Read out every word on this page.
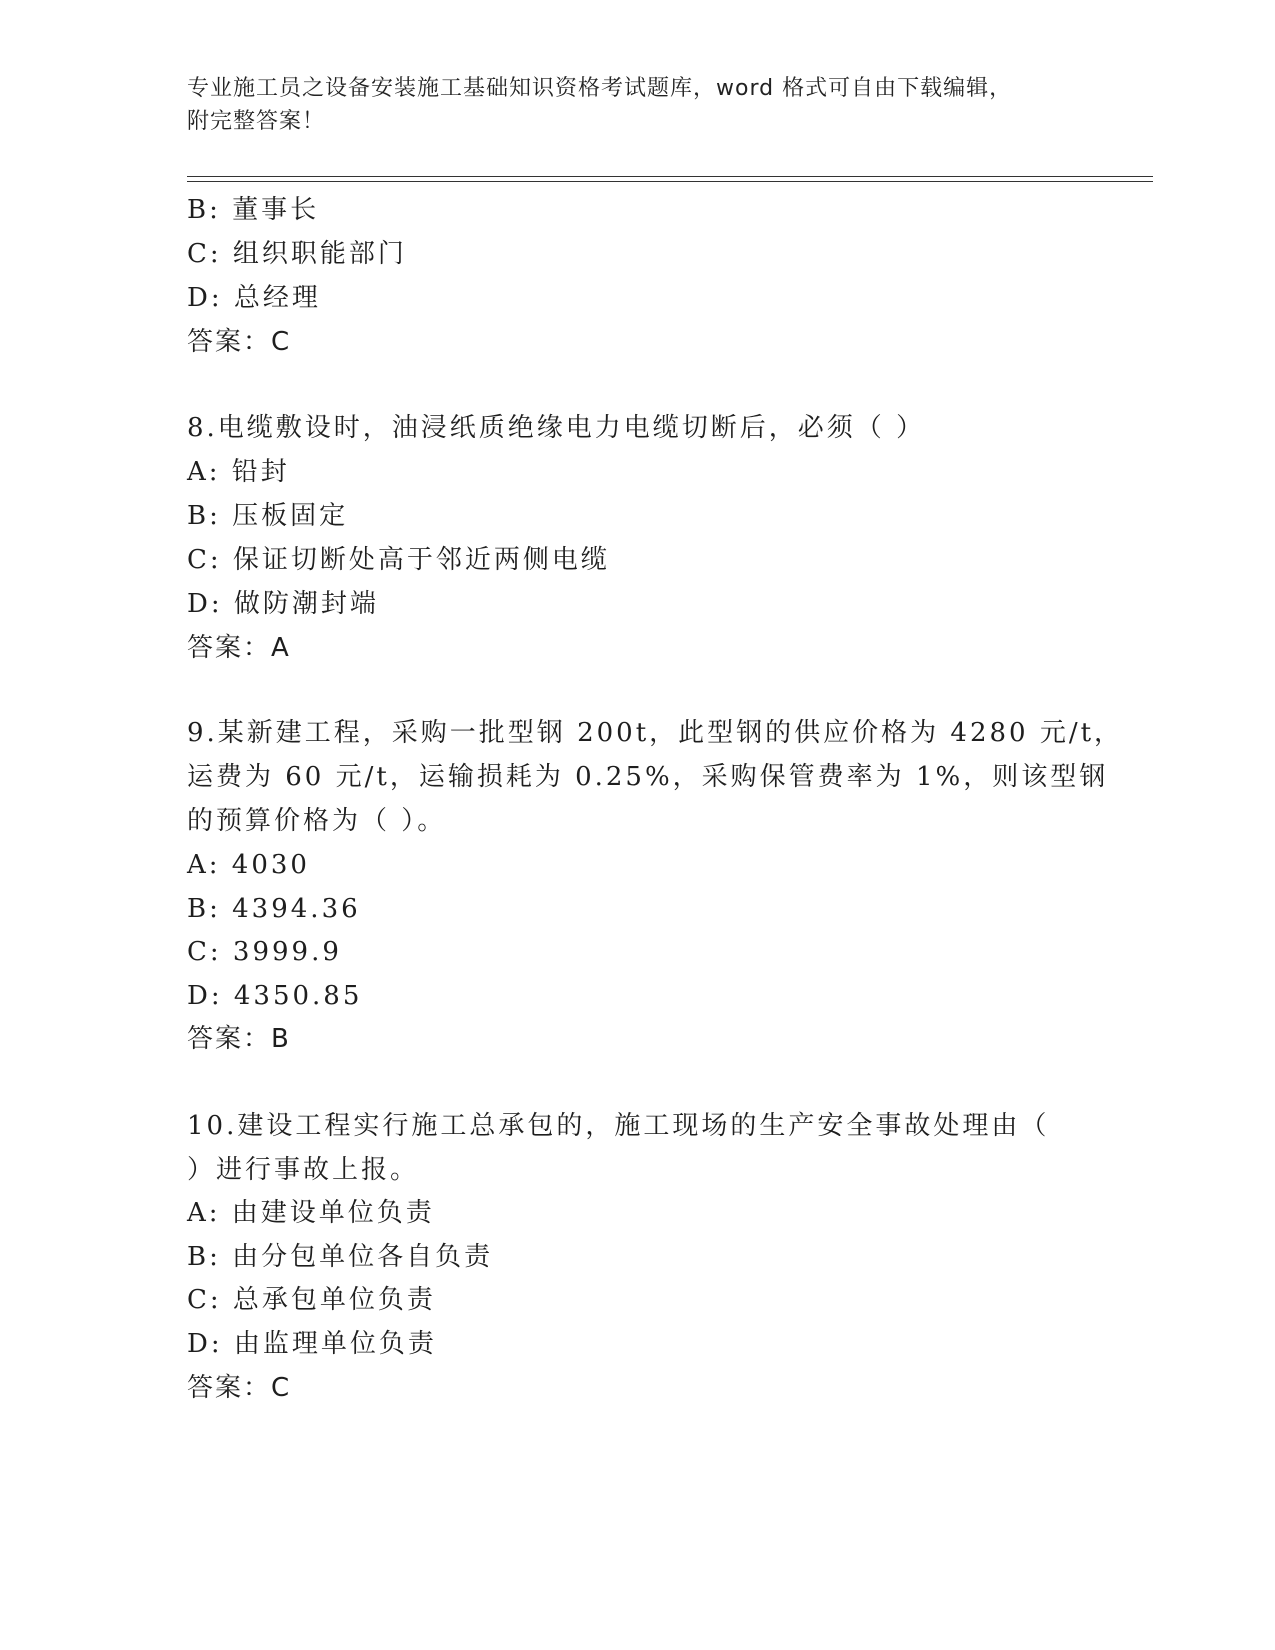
专业施工员之设备安装施工基础知识资格考试题库，word 格式可自由下载编辑，
附完整答案！
B: 董事长
C: 组织职能部门
D: 总经理
答案：C
8.电缆敷设时，油浸纸质绝缘电力电缆切断后，必须（ ）
A: 铅封
B: 压板固定
C: 保证切断处高于邻近两侧电缆
D: 做防潮封端
答案：A
9.某新建工程，采购一批型钢 200t，此型钢的供应价格为 4280 元/t，
运费为 60 元/t，运输损耗为 0.25%，采购保管费率为 1%，则该型钢
的预算价格为（ ）。
A: 4030
B: 4394.36
C: 3999.9
D: 4350.85
答案：B
10.建设工程实行施工总承包的，施工现场的生产安全事故处理由（
）进行事故上报。
A: 由建设单位负责
B: 由分包单位各自负责
C: 总承包单位负责
D: 由监理单位负责
答案：C
